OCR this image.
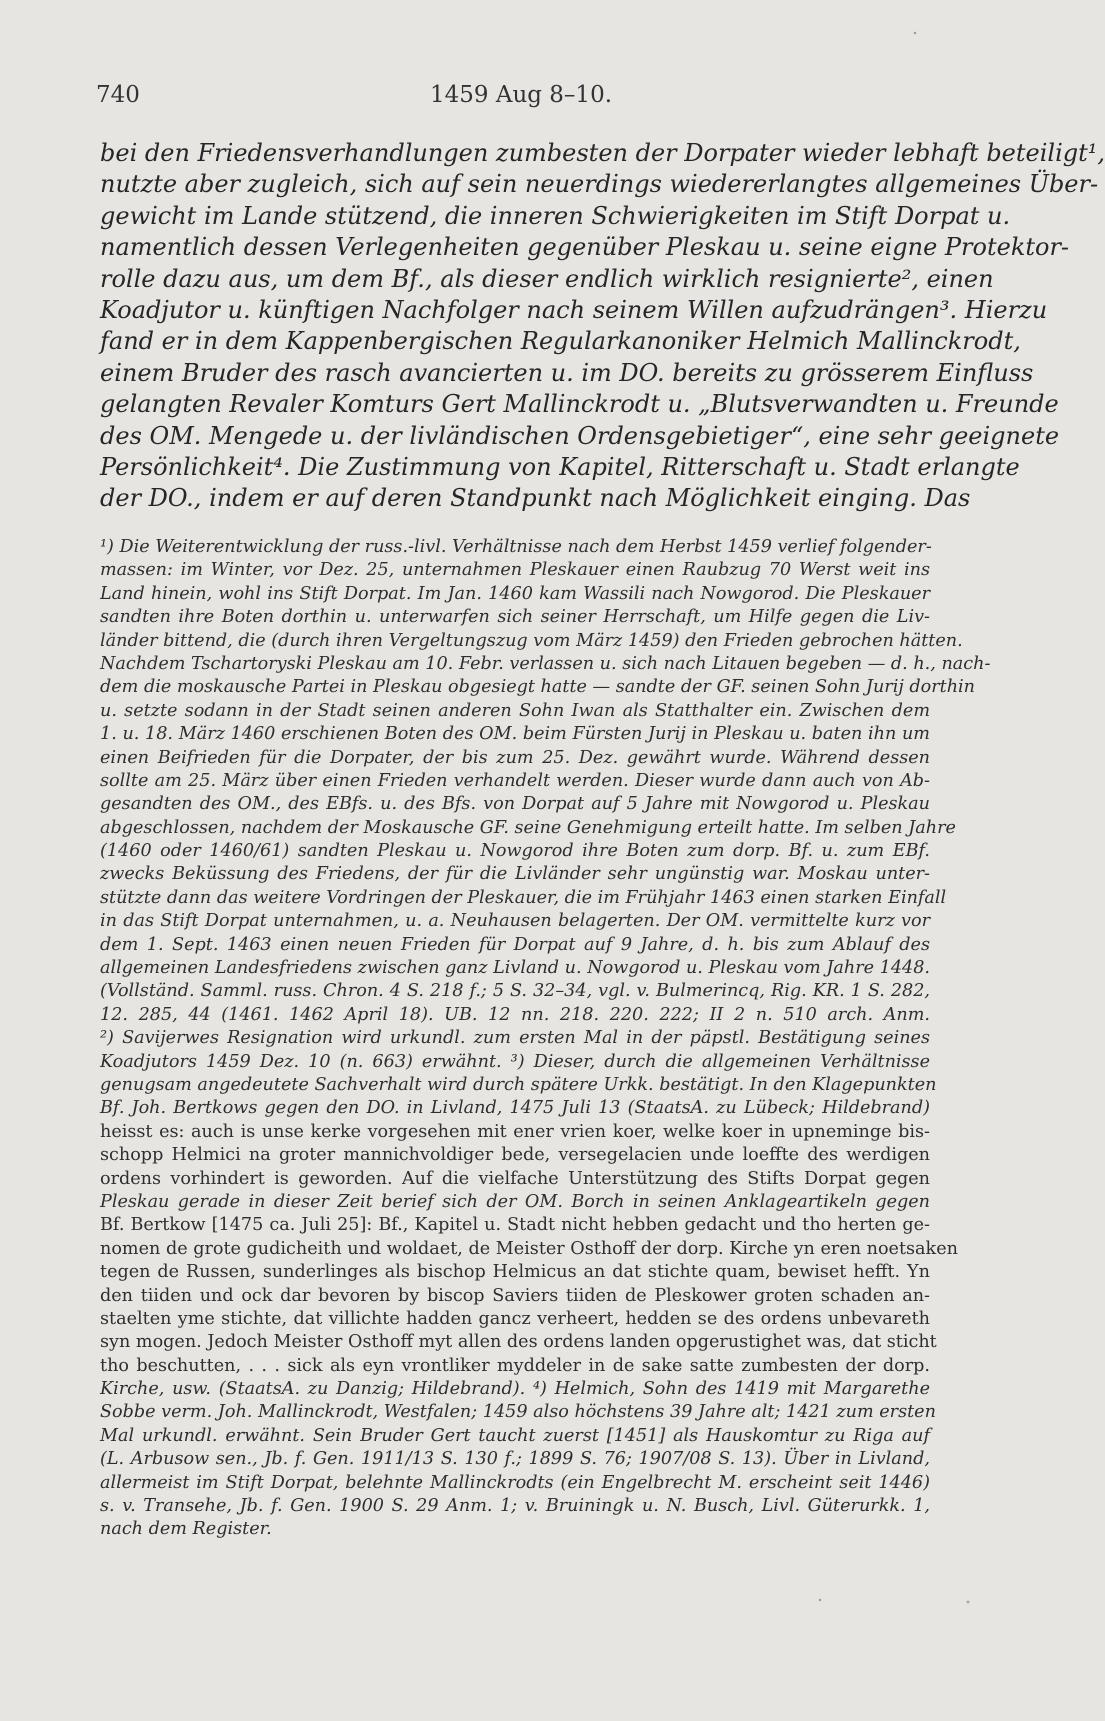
740	1459 Aug 8–10.
bei den Friedensverhandlungen zumbesten der Dorpater wieder lebhaft beteiligt¹,
nutzte aber zugleich, sich auf sein neuerdings wiedererlangtes allgemeines Über-
gewicht im Lande stützend, die inneren Schwierigkeiten im Stift Dorpat u.
namentlich dessen Verlegenheiten gegenüber Pleskau u. seine eigne Protektor-
rolle dazu aus, um dem Bf., als dieser endlich wirklich resignierte², einen
Koadjutor u. künftigen Nachfolger nach seinem Willen aufzudrängen³. Hierzu
fand er in dem Kappenbergischen Regularkanoniker Helmich Mallinckrodt,
einem Bruder des rasch avancierten u. im DO. bereits zu grösserem Einfluss
gelangten Revaler Komturs Gert Mallinckrodt u. „Blutsverwandten u. Freunde
des OM. Mengede u. der livländischen Ordensgebietiger“, eine sehr geeignete
Persönlichkeit⁴. Die Zustimmung von Kapitel, Ritterschaft u. Stadt erlangte
der DO., indem er auf deren Standpunkt nach Möglichkeit einging. Das
¹) Die Weiterentwicklung der russ.-livl. Verhältnisse nach dem Herbst 1459 verlief folgender-
massen: im Winter, vor Dez. 25, unternahmen Pleskauer einen Raubzug 70 Werst weit ins
Land hinein, wohl ins Stift Dorpat. Im Jan. 1460 kam Wassili nach Nowgorod. Die Pleskauer
sandten ihre Boten dorthin u. unterwarfen sich seiner Herrschaft, um Hilfe gegen die Liv-
länder bittend, die (durch ihren Vergeltungszug vom März 1459) den Frieden gebrochen hätten.
Nachdem Tschartoryski Pleskau am 10. Febr. verlassen u. sich nach Litauen begeben — d. h., nach-
dem die moskausche Partei in Pleskau obgesiegt hatte — sandte der GF. seinen Sohn Jurij dorthin
u. setzte sodann in der Stadt seinen anderen Sohn Iwan als Statthalter ein. Zwischen dem
1. u. 18. März 1460 erschienen Boten des OM. beim Fürsten Jurij in Pleskau u. baten ihn um
einen Beifrieden für die Dorpater, der bis zum 25. Dez. gewährt wurde. Während dessen
sollte am 25. März über einen Frieden verhandelt werden. Dieser wurde dann auch von Ab-
gesandten des OM., des EBfs. u. des Bfs. von Dorpat auf 5 Jahre mit Nowgorod u. Pleskau
abgeschlossen, nachdem der Moskausche GF. seine Genehmigung erteilt hatte. Im selben Jahre
(1460 oder 1460/61) sandten Pleskau u. Nowgorod ihre Boten zum dorp. Bf. u. zum EBf.
zwecks Beküssung des Friedens, der für die Livländer sehr ungünstig war. Moskau unter-
stützte dann das weitere Vordringen der Pleskauer, die im Frühjahr 1463 einen starken Einfall
in das Stift Dorpat unternahmen, u. a. Neuhausen belagerten. Der OM. vermittelte kurz vor
dem 1. Sept. 1463 einen neuen Frieden für Dorpat auf 9 Jahre, d. h. bis zum Ablauf des
allgemeinen Landesfriedens zwischen ganz Livland u. Nowgorod u. Pleskau vom Jahre 1448.
(Vollständ. Samml. russ. Chron. 4 S. 218 f.; 5 S. 32–34, vgl. v. Bulmerincq, Rig. KR. 1 S. 282,
12. 285, 44 (1461. 1462 April 18). UB. 12 nn. 218. 220. 222; II 2 n. 510 arch. Anm.
²) Savijerwes Resignation wird urkundl. zum ersten Mal in der päpstl. Bestätigung seines
Koadjutors 1459 Dez. 10 (n. 663) erwähnt. ³) Dieser, durch die allgemeinen Verhältnisse
genugsam angedeutete Sachverhalt wird durch spätere Urkk. bestätigt. In den Klagepunkten
Bf. Joh. Bertkows gegen den DO. in Livland, 1475 Juli 13 (StaatsA. zu Lübeck; Hildebrand)
heisst es: auch is unse kerke vorgesehen mit ener vrien koer, welke koer in upneminge bis-
schopp Helmici na groter mannichvoldiger bede, versegelacien unde loeffte des werdigen
ordens vorhindert is geworden. Auf die vielfache Unterstützung des Stifts Dorpat gegen
Pleskau gerade in dieser Zeit berief sich der OM. Borch in seinen Anklageartikeln gegen
Bf. Bertkow [1475 ca. Juli 25]: Bf., Kapitel u. Stadt nicht hebben gedacht und tho herten ge-
nomen de grote gudicheith und woldaet, de Meister Osthoff der dorp. Kirche yn eren noetsaken
tegen de Russen, sunderlinges als bischop Helmicus an dat stichte quam, bewiset hefft. Yn
den tiiden und ock dar bevoren by biscop Saviers tiiden de Pleskower groten schaden an-
staelten yme stichte, dat villichte hadden gancz verheert, hedden se des ordens unbevareth
syn mogen. Jedoch Meister Osthoff myt allen des ordens landen opgerustighet was, dat sticht
tho beschutten, . . . sick als eyn vrontliker myddeler in de sake satte zumbesten der dorp.
Kirche, usw. (StaatsA. zu Danzig; Hildebrand). ⁴) Helmich, Sohn des 1419 mit Margarethe
Sobbe verm. Joh. Mallinckrodt, Westfalen; 1459 also höchstens 39 Jahre alt; 1421 zum ersten
Mal urkundl. erwähnt. Sein Bruder Gert taucht zuerst [1451] als Hauskomtur zu Riga auf
(L. Arbusow sen., Jb. f. Gen. 1911/13 S. 130 f.; 1899 S. 76; 1907/08 S. 13). Über in Livland,
allermeist im Stift Dorpat, belehnte Mallinckrodts (ein Engelbrecht M. erscheint seit 1446)
s. v. Transehe, Jb. f. Gen. 1900 S. 29 Anm. 1; v. Bruiningk u. N. Busch, Livl. Güterurkk. 1,
nach dem Register.
